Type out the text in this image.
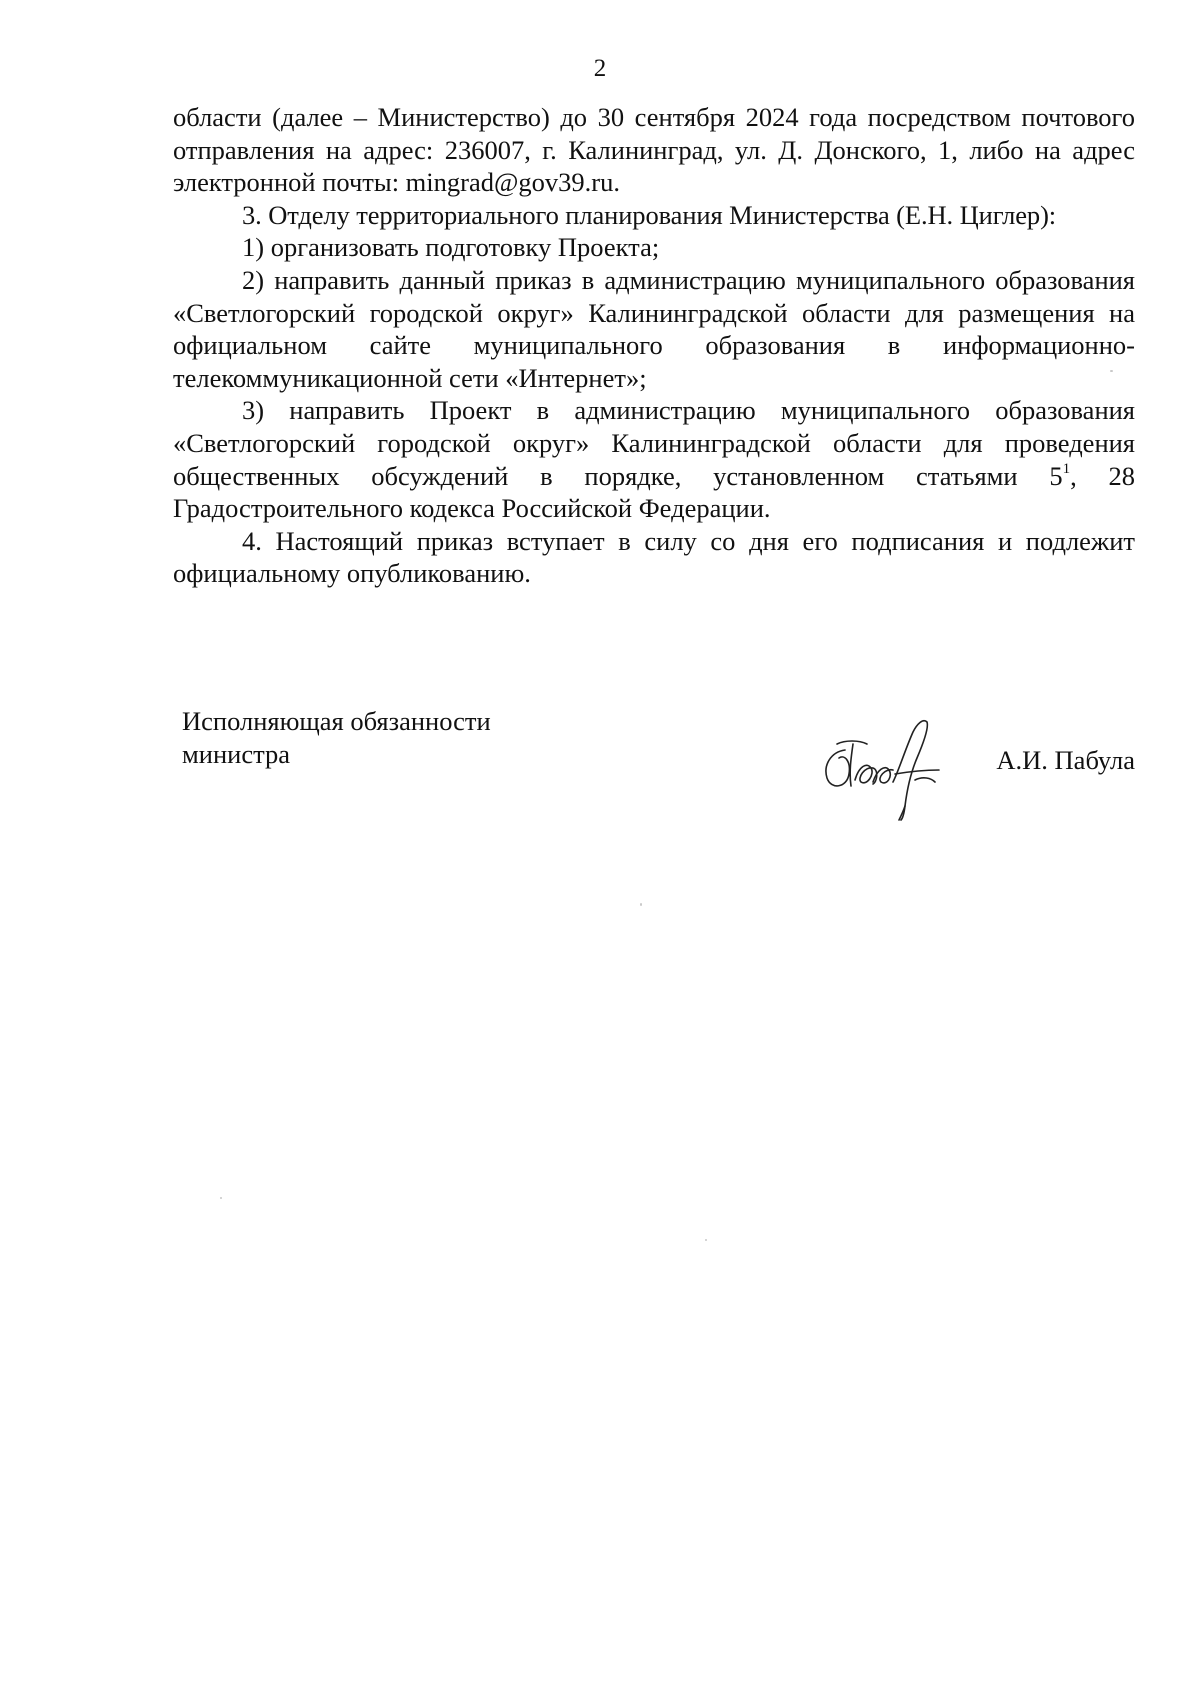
2

области (далее – Министерство) до 30 сентября 2024 года посредством почтового отправления на адрес: 236007, г. Калининград, ул. Д. Донского, 1, либо на адрес электронной почты: mingrad@gov39.ru.

3. Отделу территориального планирования Министерства (Е.Н. Циглер):

1) организовать подготовку Проекта;

2) направить данный приказ в администрацию муниципального образования «Светлогорский городской округ» Калининградской области для размещения на официальном сайте муниципального образования в информационно-телекоммуникационной сети «Интернет»;

3) направить Проект в администрацию муниципального образования «Светлогорский городской округ» Калининградской области для проведения общественных обсуждений в порядке, установленном статьями $5^1$, 28 Градостроительного кодекса Российской Федерации.

4. Настоящий приказ вступает в силу со дня его подписания и подлежит официальному опубликованию.

Исполняющая обязанности
министра	А.И. Пабула
